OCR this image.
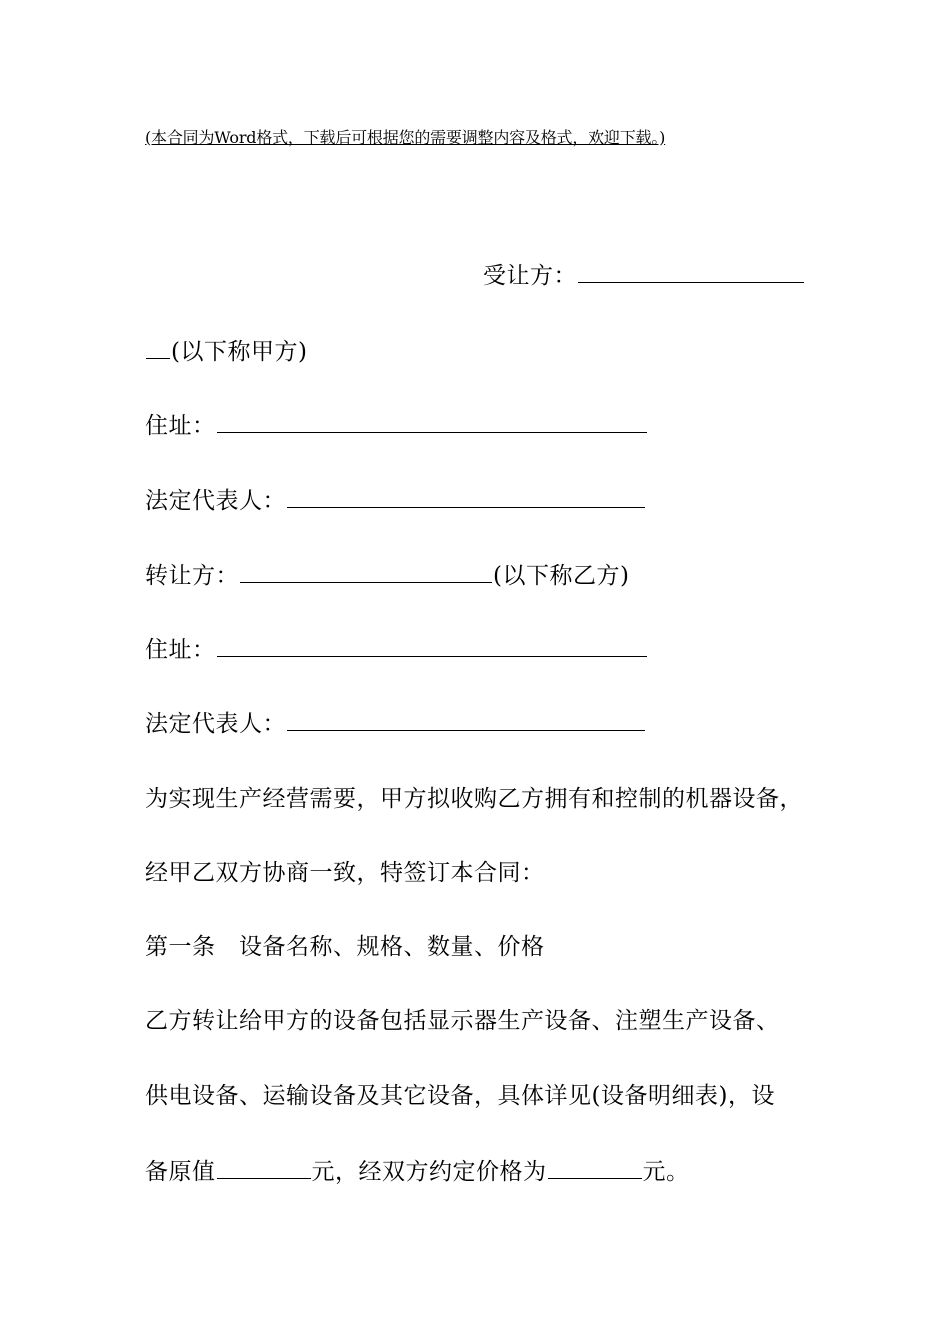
(本合同为Word格式，下载后可根据您的需要调整内容及格式，欢迎下载。)
受让方：
(以下称甲方)
住址：
法定代表人：
转让方：	(以下称乙方)
住址：
法定代表人：
为实现生产经营需要，甲方拟收购乙方拥有和控制的机器设备，
经甲乙双方协商一致，特签订本合同：
第一条　设备名称、规格、数量、价格
乙方转让给甲方的设备包括显示器生产设备、注塑生产设备、
供电设备、运输设备及其它设备，具体详见(设备明细表)，设
备原值	元，经双方约定价格为	元。
